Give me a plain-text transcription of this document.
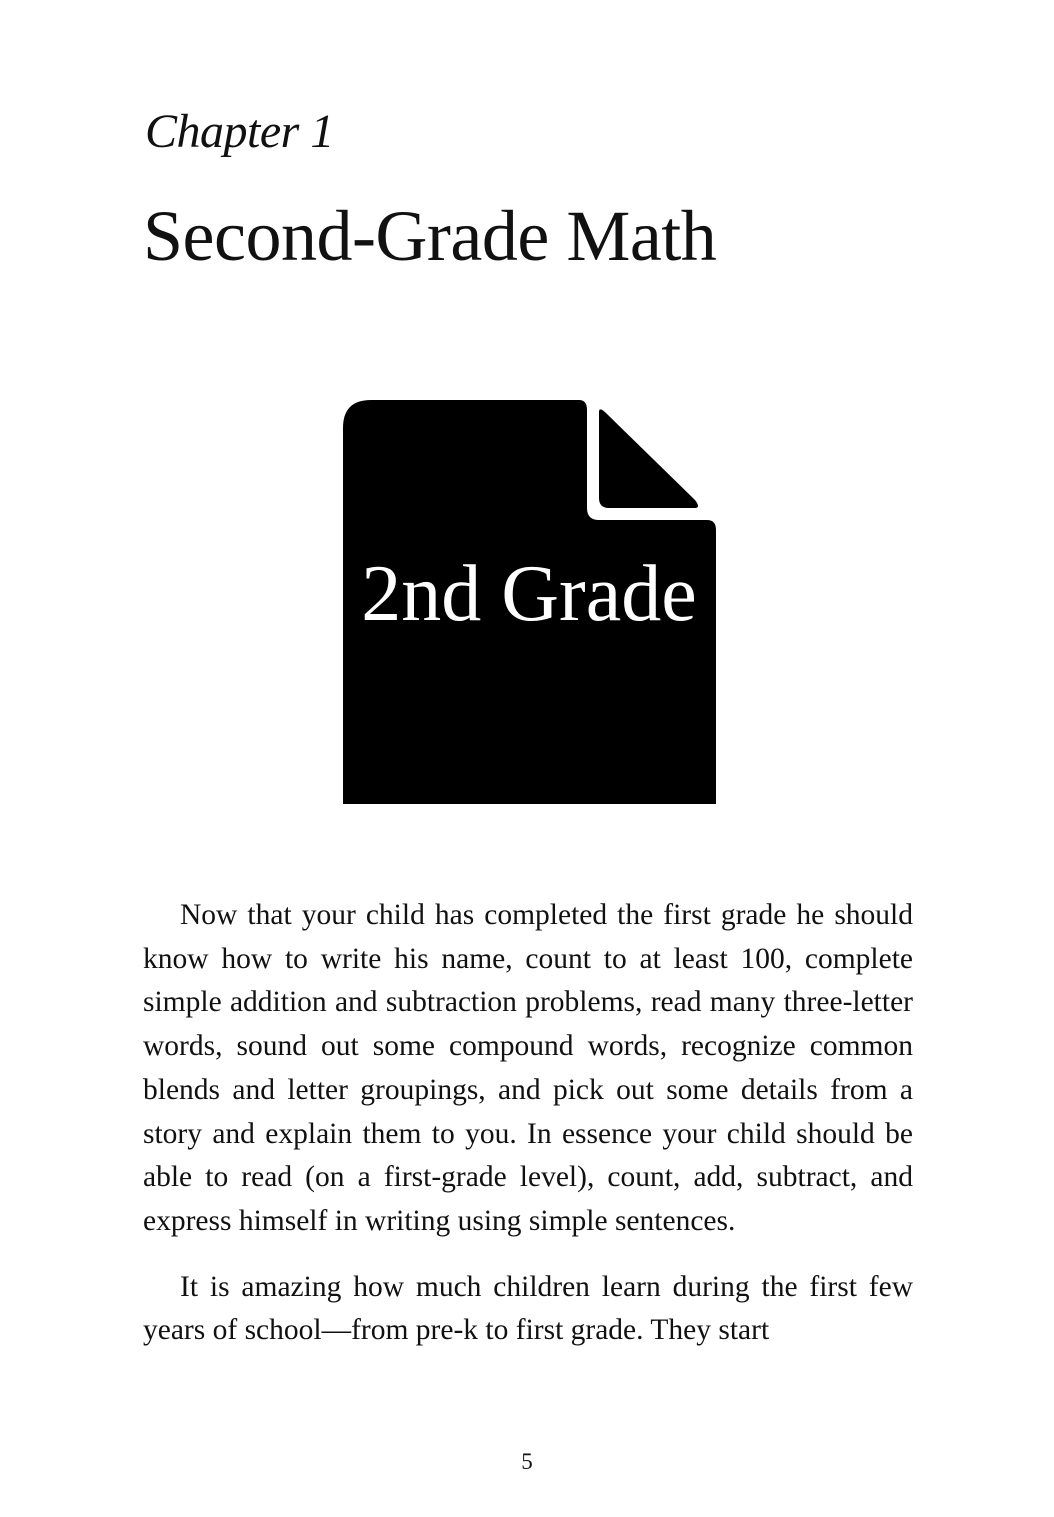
Chapter 1
Second-Grade Math
2nd Grade

Now that your child has completed the first grade he should know how to write his name, count to at least 100, complete simple addition and subtraction problems, read many three-letter words, sound out some compound words, recognize common blends and letter groupings, and pick out some details from a story and explain them to you. In essence your child should be able to read (on a first-grade level), count, add, subtract, and express himself in writing using simple sentences.

It is amazing how much children learn during the first few years of school—from pre-k to first grade. They start

5
